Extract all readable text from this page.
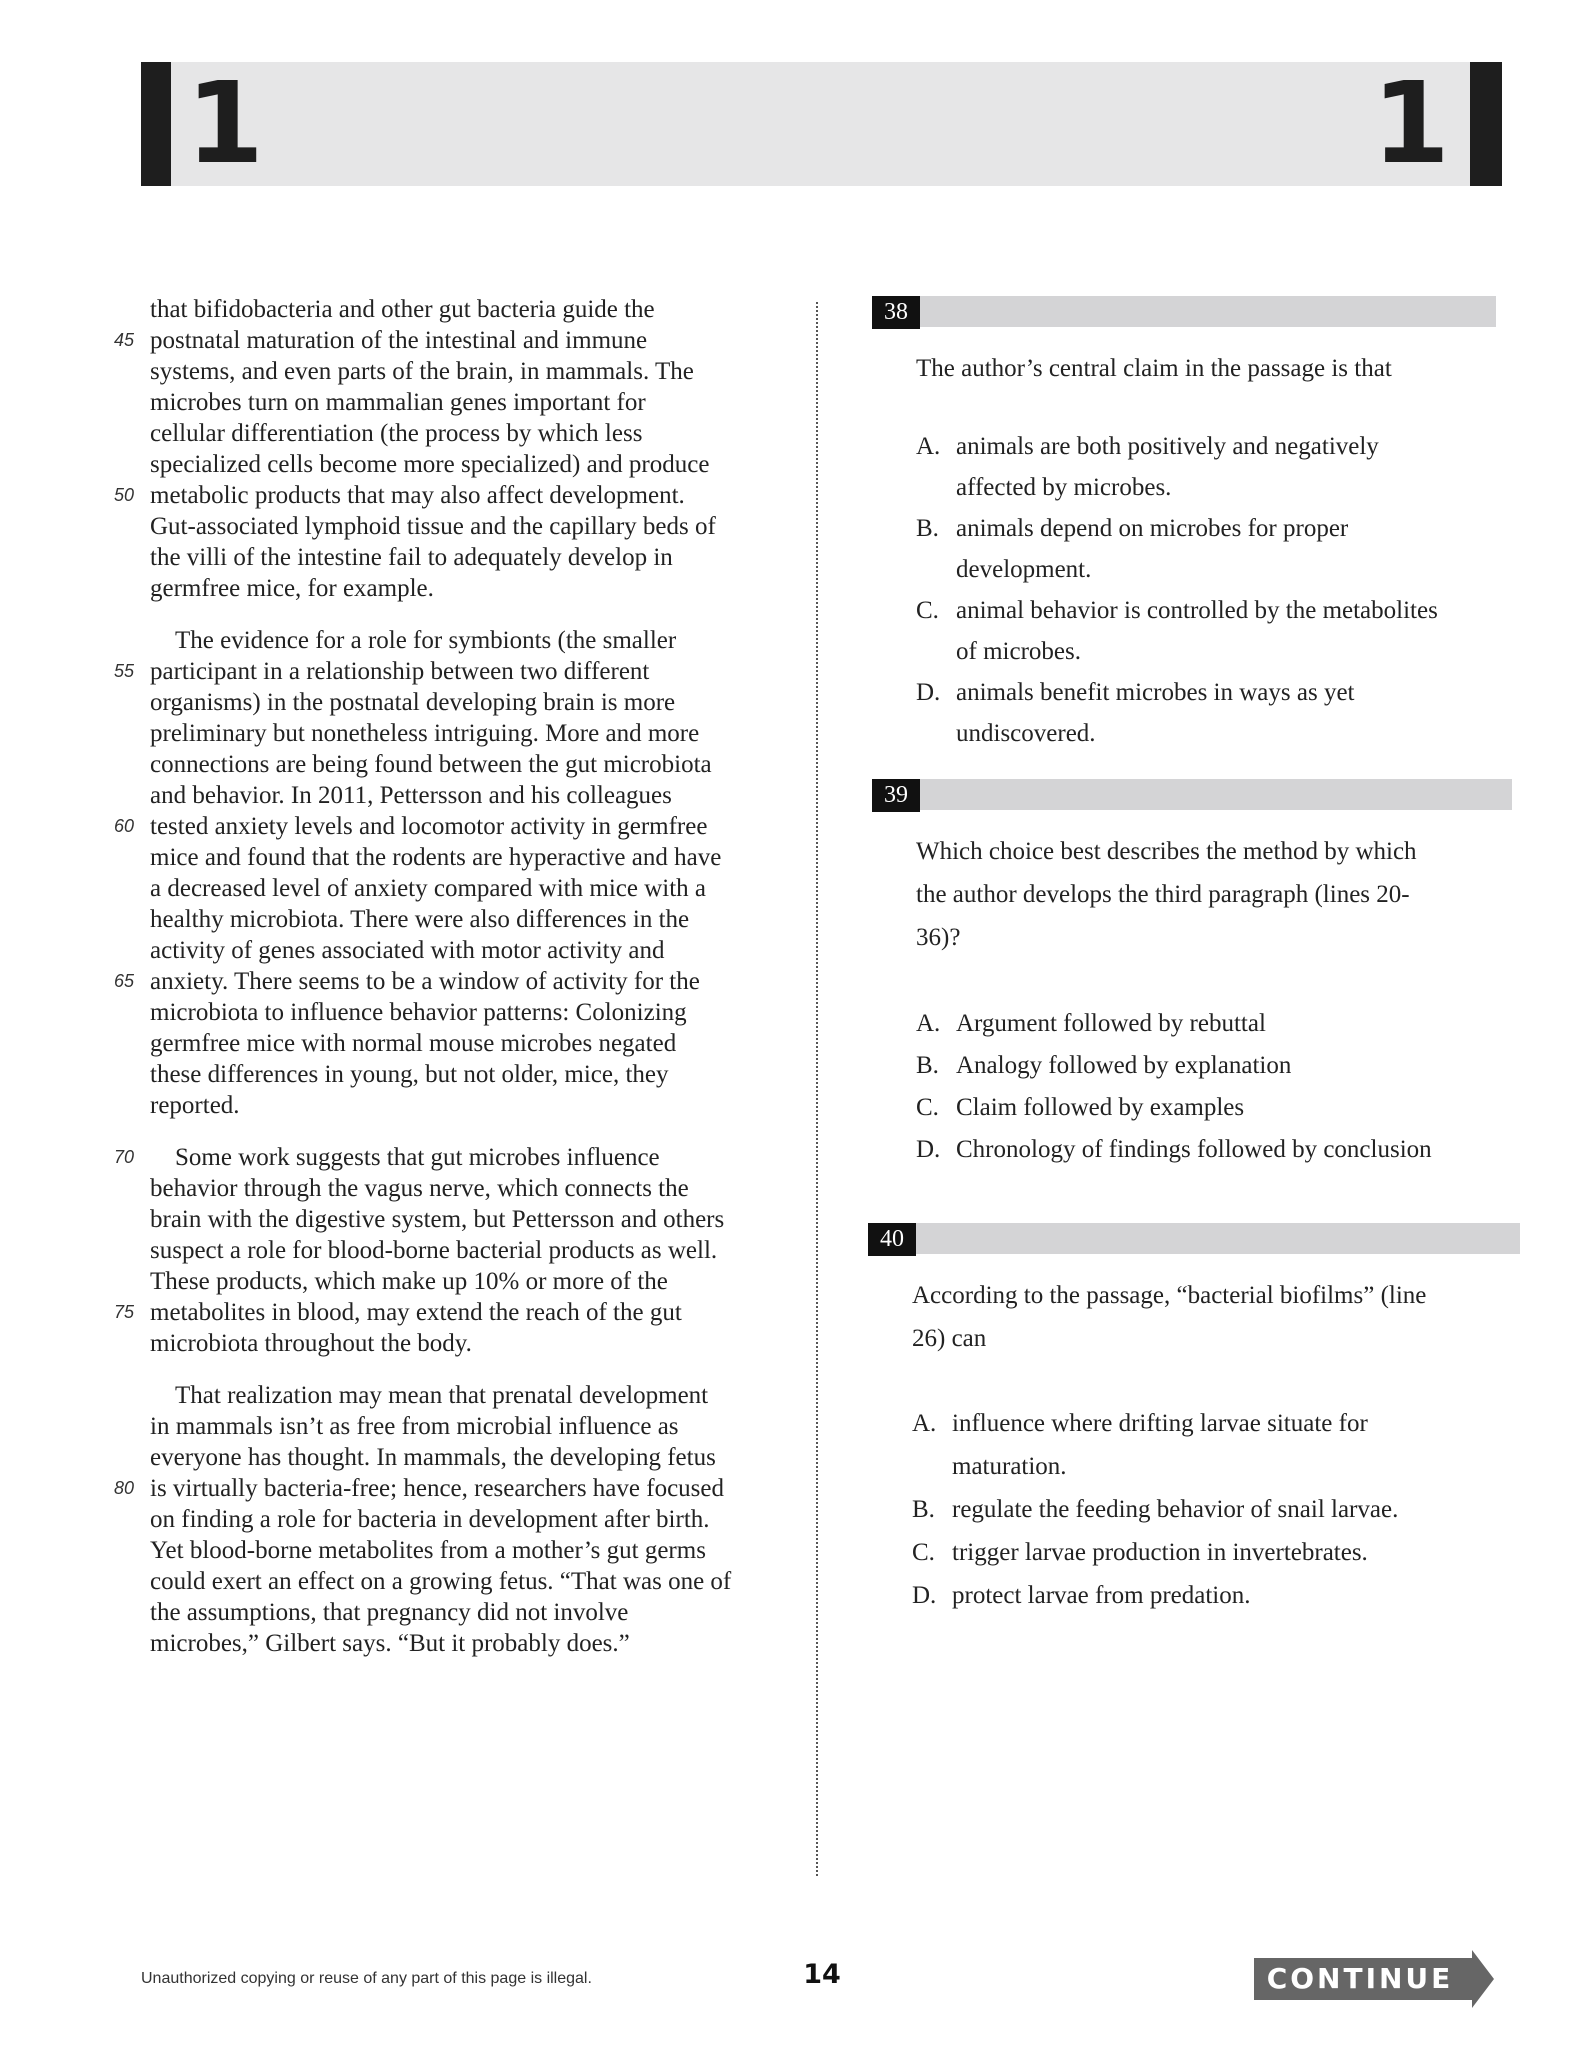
1	1
that bifidobacteria and other gut bacteria guide the
45 postnatal maturation of the intestinal and immune
systems, and even parts of the brain, in mammals. The
microbes turn on mammalian genes important for
cellular differentiation (the process by which less
specialized cells become more specialized) and produce
50 metabolic products that may also affect development.
Gut-associated lymphoid tissue and the capillary beds of
the villi of the intestine fail to adequately develop in
germfree mice, for example.
The evidence for a role for symbionts (the smaller
55 participant in a relationship between two different
organisms) in the postnatal developing brain is more
preliminary but nonetheless intriguing. More and more
connections are being found between the gut microbiota
and behavior. In 2011, Pettersson and his colleagues
60 tested anxiety levels and locomotor activity in germfree
mice and found that the rodents are hyperactive and have
a decreased level of anxiety compared with mice with a
healthy microbiota. There were also differences in the
activity of genes associated with motor activity and
65 anxiety. There seems to be a window of activity for the
microbiota to influence behavior patterns: Colonizing
germfree mice with normal mouse microbes negated
these differences in young, but not older, mice, they
reported.
70	Some work suggests that gut microbes influence
behavior through the vagus nerve, which connects the
brain with the digestive system, but Pettersson and others
suspect a role for blood-borne bacterial products as well.
These products, which make up 10% or more of the
75 metabolites in blood, may extend the reach of the gut
microbiota throughout the body.
That realization may mean that prenatal development
in mammals isn’t as free from microbial influence as
everyone has thought. In mammals, the developing fetus
80 is virtually bacteria-free; hence, researchers have focused
on finding a role for bacteria in development after birth.
Yet blood-borne metabolites from a mother’s gut germs
could exert an effect on a growing fetus. “That was one of
the assumptions, that pregnancy did not involve
microbes,” Gilbert says. “But it probably does.”
38
The author’s central claim in the passage is that
A. animals are both positively and negatively
affected by microbes.
B. animals depend on microbes for proper
development.
C. animal behavior is controlled by the metabolites
of microbes.
D. animals benefit microbes in ways as yet
undiscovered.
39
Which choice best describes the method by which
the author develops the third paragraph (lines 20-
36)?
A. Argument followed by rebuttal
B. Analogy followed by explanation
C. Claim followed by examples
D. Chronology of findings followed by conclusion
40
According to the passage, “bacterial biofilms” (line
26) can
A. influence where drifting larvae situate for
maturation.
B. regulate the feeding behavior of snail larvae.
C. trigger larvae production in invertebrates.
D. protect larvae from predation.
Unauthorized copying or reuse of any part of this page is illegal.	14	CONTINUE
